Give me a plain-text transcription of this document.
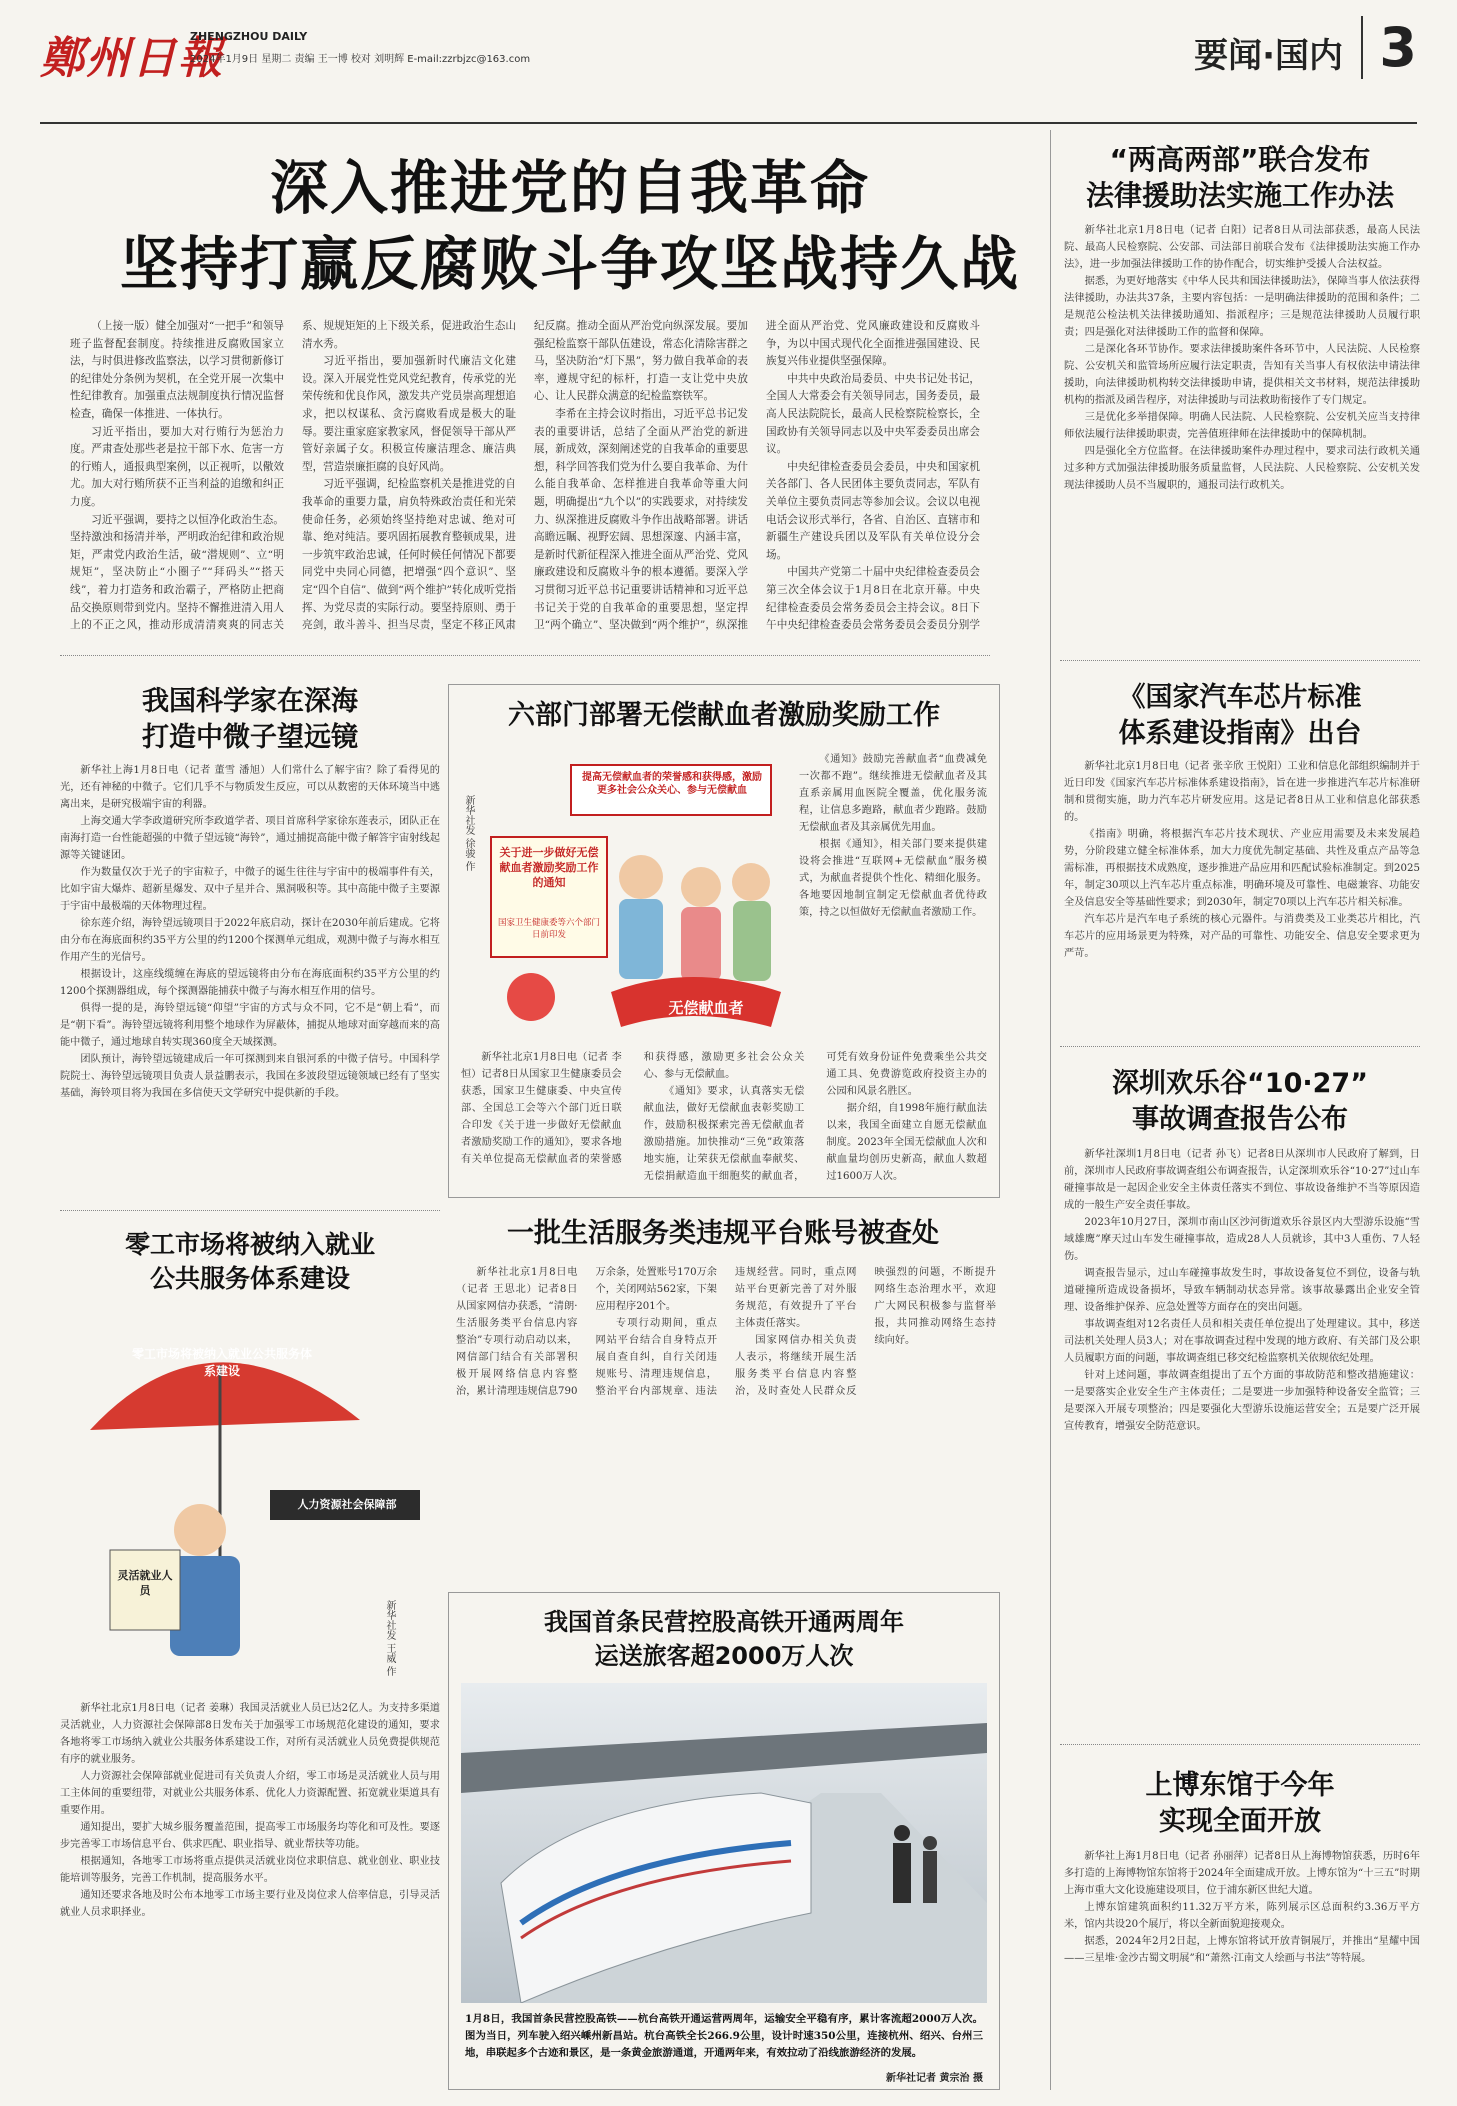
鄭州日報
ZHENGZHOU DAILY
2024年1月9日 星期二 责编 王一博 校对 刘明辉 E-mail:zzrbjzc@163.com	要闻·国内 3
深入推进党的自我革命
坚持打赢反腐败斗争攻坚战持久战

（上接一版）健全加强对“一把手”和领导班子监督配套制度。持续推进反腐败国家立法，与时俱进修改监察法，以学习贯彻新修订的纪律处分条例为契机，在全党开展一次集中性纪律教育。加强重点法规制度执行情况监督检查，确保一体推进、一体执行。

习近平指出，要加大对行贿行为惩治力度。严肃查处那些老是拉干部下水、危害一方的行贿人，通报典型案例，以正视听，以儆效尤。加大对行贿所获不正当利益的追缴和纠正力度。

习近平强调，要持之以恒净化政治生态。坚持激浊和扬清并举，严明政治纪律和政治规矩，严肃党内政治生活，破“潜规则”、立“明规矩”，坚决防止“小圈子”“拜码头”“搭天线”，着力打造务和政治霸子，严格防止把商品交换原则带到党内。坚持不懈推进清入用人上的不正之风，推动形成清清爽爽的同志关系、规规矩矩的上下级关系，促进政治生态山清水秀。

习近平指出，要加强新时代廉洁文化建设。深入开展党性党风党纪教育，传承党的光荣传统和优良作风，激发共产党员崇高理想追求，把以权谋私、贪污腐败看成是极大的耻辱。要注重家庭家教家风，督促领导干部从严管好亲属子女。积极宣传廉洁理念、廉洁典型，营造崇廉拒腐的良好风尚。

习近平强调，纪检监察机关是推进党的自我革命的重要力量，肩负特殊政治责任和光荣使命任务，必须始终坚持绝对忠诚、绝对可靠、绝对纯洁。要巩固拓展教育整顿成果，进一步筑牢政治忠诚，任何时候任何情况下都要同党中央同心同德，把增强“四个意识”、坚定“四个自信”、做到“两个维护”转化成听党指挥、为党尽责的实际行动。要坚持原则、勇于亮剑，敢斗善斗、担当尽责，坚定不移正风肃纪反腐。推动全面从严治党向纵深发展。要加强纪检监察干部队伍建设，常态化清除害群之马，坚决防治“灯下黑”，努力做自我革命的表率，遵规守纪的标杆，打造一支让党中央放心、让人民群众满意的纪检监察铁军。

李希在主持会议时指出，习近平总书记发表的重要讲话，总结了全面从严治党的新进展，新成效，深刻阐述党的自我革命的重要思想，科学回答我们党为什么要自我革命、为什么能自我革命、怎样推进自我革命等重大问题，明确提出“九个以”的实践要求，对持续发力、纵深推进反腐败斗争作出战略部署。讲话高瞻远瞩、视野宏阔、思想深邃、内涵丰富，是新时代新征程深入推进全面从严治党、党风廉政建设和反腐败斗争的根本遵循。要深入学习贯彻习近平总书记重要讲话精神和习近平总书记关于党的自我革命的重要思想，坚定捍卫“两个确立”、坚决做到“两个维护”，纵深推进全面从严治党、党风廉政建设和反腐败斗争，为以中国式现代化全面推进强国建设、民族复兴伟业提供坚强保障。

中共中央政治局委员、中央书记处书记，全国人大常委会有关领导同志，国务委员，最高人民法院院长，最高人民检察院检察长，全国政协有关领导同志以及中央军委委员出席会议。

中央纪律检查委员会委员，中央和国家机关各部门、各人民团体主要负责同志，军队有关单位主要负责同志等参加会议。会议以电视电话会议形式举行，各省、自治区、直辖市和新疆生产建设兵团以及军队有关单位设分会场。

中国共产党第二十届中央纪律检查委员会第三次全体会议于1月8日在北京开幕。中央纪律检查委员会常务委员会主持会议。8日下午中央纪律检查委员会常务委员会委员分别学

“两高两部”联合发布
法律援助法实施工作办法

新华社北京1月8日电（记者 白阳）记者8日从司法部获悉，最高人民法院、最高人民检察院、公安部、司法部日前联合发布《法律援助法实施工作办法》，进一步加强法律援助工作的协作配合，切实维护受援人合法权益。

据悉，为更好地落实《中华人民共和国法律援助法》，保障当事人依法获得法律援助，办法共37条，主要内容包括：一是明确法律援助的范围和条件；二是规范公检法机关法律援助通知、指派程序；三是规范法律援助人员履行职责；四是强化对法律援助工作的监督和保障。

二是深化各环节协作。要求法律援助案件各环节中，人民法院、人民检察院、公安机关和监管场所应履行法定职责，告知有关当事人有权依法申请法律援助，向法律援助机构转交法律援助申请，提供相关文书材料，规范法律援助机构的指派及函告程序，对法律援助与司法救助衔接作了专门规定。

三是优化多举措保障。明确人民法院、人民检察院、公安机关应当支持律师依法履行法律援助职责，完善值班律师在法律援助中的保障机制。

四是强化全方位监督。在法律援助案件办理过程中，要求司法行政机关通过多种方式加强法律援助服务质量监督，人民法院、人民检察院、公安机关发现法律援助人员不当履职的，通报司法行政机关。

我国科学家在深海
打造中微子望远镜

新华社上海1月8日电（记者 董雪 潘旭）人们常什么了解宇宙？除了看得见的光，还有神秘的中微子。它们几乎不与物质发生反应，可以从数密的天体环境当中逃离出来，是研究极端宇宙的利器。

上海交通大学李政道研究所李政道学者、项目首席科学家徐东莲表示，团队正在南海打造一台性能超强的中微子望远镜“海铃”，通过捕捉高能中微子解答宇宙射线起源等关键谜团。

作为数量仅次于光子的宇宙粒子，中微子的诞生往往与宇宙中的极端事件有关，比如宇宙大爆炸、超新星爆发、双中子星并合、黑洞吸积等。其中高能中微子主要源于宇宙中最极端的天体物理过程。

徐东莲介绍，海铃望远镜项目于2022年底启动，探计在2030年前后建成。它将由分布在海底面积约35平方公里的约1200个探测单元组成，观测中微子与海水相互作用产生的光信号。

根据设计，这座线缆缠在海底的望远镜将由分布在海底面积约35平方公里的约1200个探测器组成，每个探测器能捕获中微子与海水相互作用的信号。

俱得一提的是，海铃望远镜“仰望”宇宙的方式与众不同，它不是“朝上看”，而是“朝下看”。海铃望远镜将利用整个地球作为屏蔽体，捕捉从地球对面穿越而来的高能中微子，通过地球自转实现360度全天域探测。

团队预计，海铃望远镜建成后一年可探测到来自银河系的中微子信号。中国科学院院士、海铃望远镜项目负责人景益鹏表示，我国在多波段望远镜领域已经有了坚实基础，海铃项目将为我国在多信使天文学研究中提供新的手段。

六部门部署无偿献血者激励奖励工作
提高无偿献血者的荣誉感和获得感，激励更多社会公众关心、参与无偿献血
关于进一步做好无偿献血者激励奖励工作的通知
国家卫生健康委等六个部门日前印发
无偿献血者
新华社发 徐骏 作

《通知》鼓励完善献血者“血费减免一次都不跑”。继续推进无偿献血者及其直系亲属用血医院全覆盖，优化服务流程，让信息多跑路，献血者少跑路。鼓励无偿献血者及其亲属优先用血。

根据《通知》，相关部门要来提供建设将会推进“互联网+无偿献血”服务模式，为献血者提供个性化、精细化服务。各地要因地制宜制定无偿献血者优待政策，持之以恒做好无偿献血者激励工作。

新华社北京1月8日电（记者 李恒）记者8日从国家卫生健康委员会获悉，国家卫生健康委、中央宣传部、全国总工会等六个部门近日联合印发《关于进一步做好无偿献血者激励奖励工作的通知》，要求各地有关单位提高无偿献血者的荣誉感和获得感，激励更多社会公众关心、参与无偿献血。

《通知》要求，认真落实无偿献血法，做好无偿献血表彰奖励工作，鼓励积极探索完善无偿献血者激励措施。加快推动“三免”政策落地实施，让荣获无偿献血奉献奖、无偿捐献造血干细胞奖的献血者，可凭有效身份证件免费乘坐公共交通工具、免费游览政府投资主办的公园和风景名胜区。

据介绍，自1998年施行献血法以来，我国全面建立自愿无偿献血制度。2023年全国无偿献血人次和献血量均创历史新高，献血人数超过1600万人次。

零工市场将被纳入就业
公共服务体系建设
零工市场将被纳入就业公共服务体系建设
人力资源社会保障部
灵活就业人员
新华社发 王威 作

新华社北京1月8日电（记者 姜琳）我国灵活就业人员已达2亿人。为支持多渠道灵活就业，人力资源社会保障部8日发布关于加强零工市场规范化建设的通知，要求各地将零工市场纳入就业公共服务体系建设工作，对所有灵活就业人员免费提供规范有序的就业服务。

人力资源社会保障部就业促进司有关负责人介绍，零工市场是灵活就业人员与用工主体间的重要纽带，对就业公共服务体系、优化人力资源配置、拓宽就业渠道具有重要作用。

通知提出，要扩大城乡服务覆盖范围，提高零工市场服务均等化和可及性。要逐步完善零工市场信息平台、供求匹配、职业指导、就业帮扶等功能。

根据通知，各地零工市场将重点提供灵活就业岗位求职信息、就业创业、职业技能培训等服务，完善工作机制，提高服务水平。

通知还要求各地及时公布本地零工市场主要行业及岗位求人倍率信息，引导灵活就业人员求职择业。

一批生活服务类违规平台账号被查处

新华社北京1月8日电（记者 王思北）记者8日从国家网信办获悉，“清朗·生活服务类平台信息内容整治”专项行动启动以来，网信部门结合有关部署积极开展网络信息内容整治，累计清理违规信息790万余条，处置账号170万余个，关闭网站562家，下架应用程序201个。

专项行动期间，重点网站平台结合自身特点开展自查自纠，自行关闭违规账号、清理违规信息，整治平台内部规章、违法违规经营。同时，重点网站平台更新完善了对外服务规范，有效提升了平台主体责任落实。

国家网信办相关负责人表示，将继续开展生活服务类平台信息内容整治，及时查处人民群众反映强烈的问题，不断提升网络生态治理水平，欢迎广大网民积极参与监督举报，共同推动网络生态持续向好。

我国首条民营控股高铁开通两周年
运送旅客超2000万人次
1月8日，我国首条民营控股高铁——杭台高铁开通运营两周年，运输安全平稳有序，累计客流超2000万人次。图为当日，列车驶入绍兴嵊州新昌站。杭台高铁全长266.9公里，设计时速350公里，连接杭州、绍兴、台州三地，串联起多个古迹和景区，是一条黄金旅游通道，开通两年来，有效拉动了沿线旅游经济的发展。
新华社记者 黄宗治 摄
《国家汽车芯片标准
体系建设指南》出台

新华社北京1月8日电（记者 张辛欣 王悦阳）工业和信息化部组织编制并于近日印发《国家汽车芯片标准体系建设指南》，旨在进一步推进汽车芯片标准研制和贯彻实施，助力汽车芯片研发应用。这是记者8日从工业和信息化部获悉的。

《指南》明确，将根据汽车芯片技术现状、产业应用需要及未来发展趋势，分阶段建立健全标准体系，加大力度优先制定基础、共性及重点产品等急需标准，再根据技术成熟度，逐步推进产品应用和匹配试验标准制定。到2025年，制定30项以上汽车芯片重点标准，明确环境及可靠性、电磁兼容、功能安全及信息安全等基础性要求；到2030年，制定70项以上汽车芯片相关标准。

汽车芯片是汽车电子系统的核心元器件。与消费类及工业类芯片相比，汽车芯片的应用场景更为特殊，对产品的可靠性、功能安全、信息安全要求更为严苛。

深圳欢乐谷“10·27”
事故调查报告公布

新华社深圳1月8日电（记者 孙飞）记者8日从深圳市人民政府了解到，日前，深圳市人民政府事故调查组公布调查报告，认定深圳欢乐谷“10·27”过山车碰撞事故是一起因企业安全主体责任落实不到位、事故设备维护不当等原因造成的一般生产安全责任事故。

2023年10月27日，深圳市南山区沙河街道欢乐谷景区内大型游乐设施“雪域雄鹰”摩天过山车发生碰撞事故，造成28人人员就诊，其中3人重伤、7人轻伤。

调查报告显示，过山车碰撞事故发生时，事故设备复位不到位，设备与轨道碰撞所造成设备损坏，导致车辆制动状态异常。该事故暴露出企业安全管理、设备维护保养、应急处置等方面存在的突出问题。

事故调查组对12名责任人员和相关责任单位提出了处理建议。其中，移送司法机关处理人员3人；对在事故调查过程中发现的地方政府、有关部门及公职人员履职方面的问题，事故调查组已移交纪检监察机关依规依纪处理。

针对上述问题，事故调查组提出了五个方面的事故防范和整改措施建议：一是要落实企业安全生产主体责任；二是要进一步加强特种设备安全监管；三是要深入开展专项整治；四是要强化大型游乐设施运营安全；五是要广泛开展宣传教育，增强安全防范意识。

上博东馆于今年
实现全面开放

新华社上海1月8日电（记者 孙丽萍）记者8日从上海博物馆获悉，历时6年多打造的上海博物馆东馆将于2024年全面建成开放。上博东馆为“十三五”时期上海市重大文化设施建设项目，位于浦东新区世纪大道。

上博东馆建筑面积约11.32万平方米，陈列展示区总面积约3.36万平方米，馆内共设20个展厅，将以全新面貌迎接观众。

据悉，2024年2月2日起，上博东馆将试开放青铜展厅，并推出“星耀中国——三星堆·金沙古蜀文明展”和“萧然·江南文人绘画与书法”等特展。
